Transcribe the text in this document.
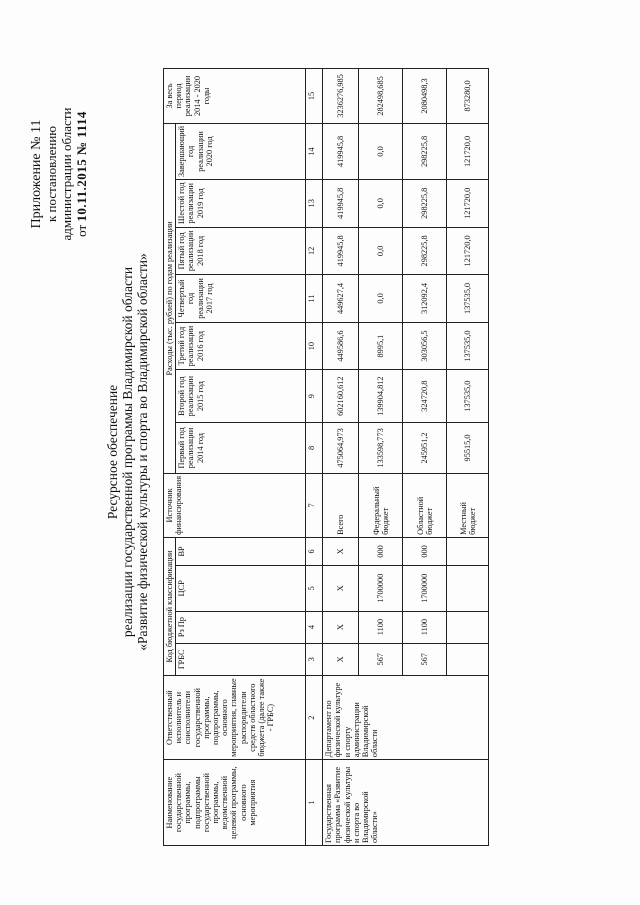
Приложение № 11 к постановлению администрации области от 10.11.2015 № 1114
Ресурсное обеспечение реализации государственной программы Владимирской области «Развитие физической культуры и спорта во Владимирской области»
Наименование государственной программы, подпрограммы государственной программы, ведомственной целевой программы, основного мероприятия	Ответственный исполнитель и соисполнители государственной программы, подпрограммы, основного мероприятия, главные распорядители средств областного бюджета (далее также - ГРБС)	Код бюджетной классификации				Источник финансирования	Расходы (тыс. рублей) по годам реализации							За весь период реализации 2014 - 2020 годы
		ГРБС	Рз Пр	ЦСР	ВР		Первый год реализации 2014 год	Второй год реализации 2015 год	Третий год реализации 2016 год	Четвертый год реализации 2017 год	Пятый год реализации 2018 год	Шестой год реализации 2019 год	Завершающий год реализации 2020 год	
1	2	3	4	5	6	7	8	9	10	11	12	13	14	15
Государственная программа «Развитие физической культуры и спорта во Владимирской области»	Департамент по физической культуре и спорту администрации Владимирской области	Х	Х	Х	Х	Всего	475064,973	602160,612	449586,6	449627,4	419945,8	419945,8	419945,8	3236276,985
		567	1100	1700000	000	Федеральный бюджет	133598,773	139904,812	8995,1	0,0	0,0	0,0	0,0	282498,685
		567	1100	1700000	000	Областной бюджет	245951,2	324720,8	303056,5	312092,4	298225,8	298225,8	298225,8	2080498,3
						Местный бюджет	95515,0	137535,0	137535,0	137535,0	121720,0	121720,0	121720,0	873280,0
